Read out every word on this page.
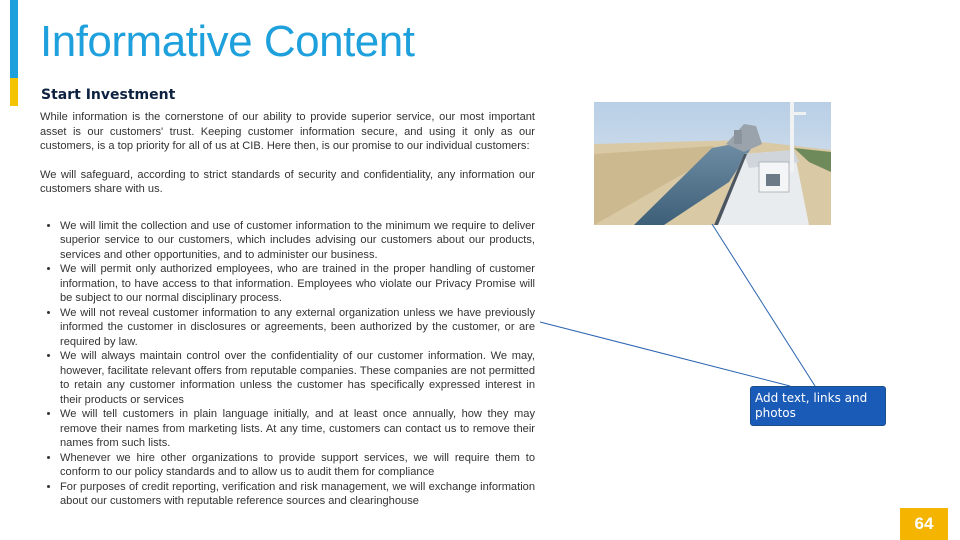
Informative Content
Start Investment

While information is the cornerstone of our ability to provide superior service, our most important asset is our customers' trust. Keeping customer information secure, and using it only as our customers, is a top priority for all of us at CIB. Here then, is our promise to our individual customers:

We will safeguard, according to strict standards of security and confidentiality, any information our customers share with us.

• We will limit the collection and use of customer information to the minimum we require to deliver superior service to our customers, which includes advising our customers about our products, services and other opportunities, and to administer our business.
• We will permit only authorized employees, who are trained in the proper handling of customer information, to have access to that information. Employees who violate our Privacy Promise will be subject to our normal disciplinary process.
• We will not reveal customer information to any external organization unless we have previously informed the customer in disclosures or agreements, been authorized by the customer, or are required by law.
• We will always maintain control over the confidentiality of our customer information. We may, however, facilitate relevant offers from reputable companies. These companies are not permitted to retain any customer information unless the customer has specifically expressed interest in their products or services
• We will tell customers in plain language initially, and at least once annually, how they may remove their names from marketing lists. At any time, customers can contact us to remove their names from such lists.
• Whenever we hire other organizations to provide support services, we will require them to conform to our policy standards and to allow us to audit them for compliance
• For purposes of credit reporting, verification and risk management, we will exchange information about our customers with reputable reference sources and clearinghouse
Add text, links and photos
64
